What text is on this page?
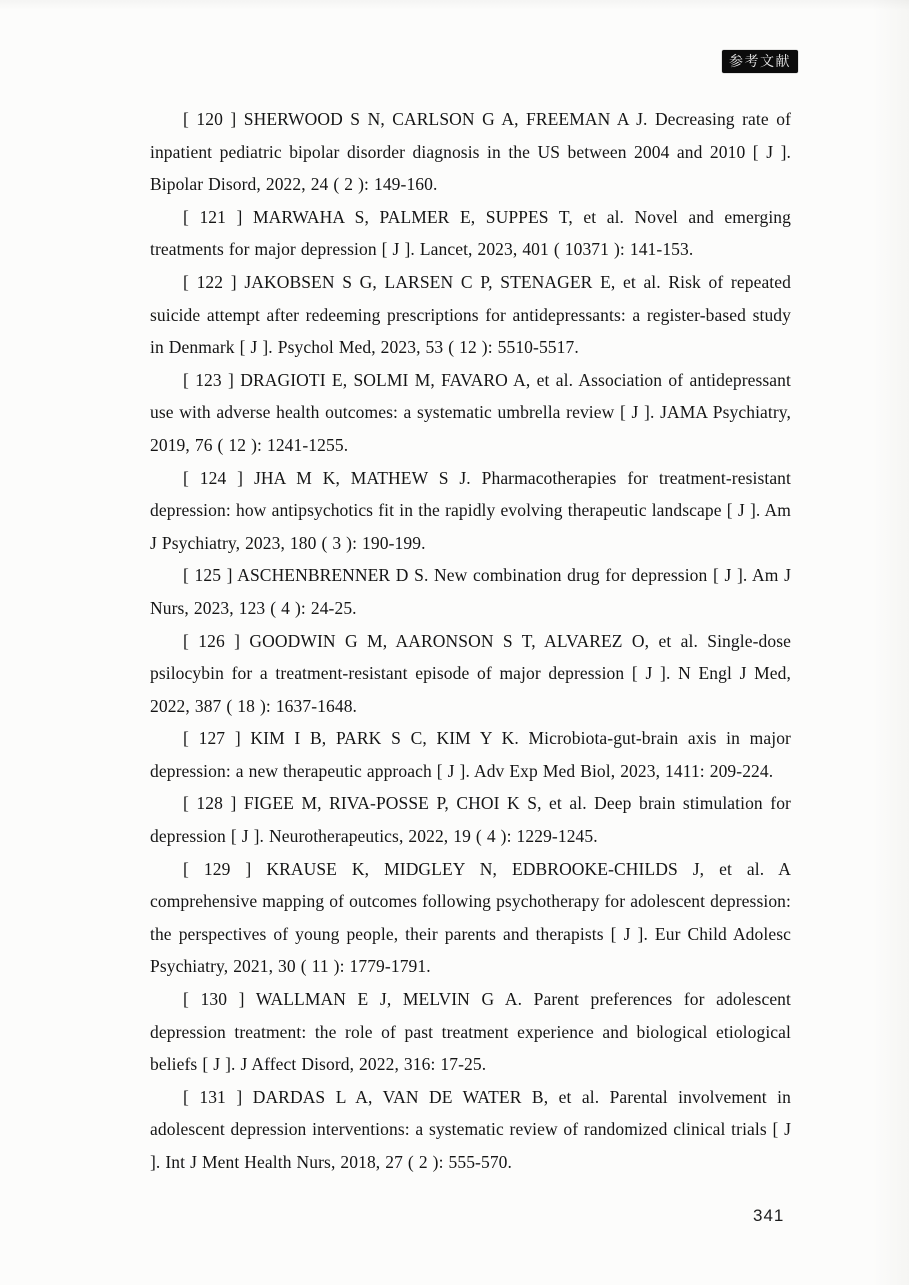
参考文献

[ 120 ] SHERWOOD S N, CARLSON G A, FREEMAN A J. Decreasing rate of inpatient pediatric bipolar disorder diagnosis in the US between 2004 and 2010 [ J ]. Bipolar Disord, 2022, 24 ( 2 ): 149-160.

[ 121 ] MARWAHA S, PALMER E, SUPPES T, et al. Novel and emerging treatments for major depression [ J ]. Lancet, 2023, 401 ( 10371 ): 141-153.

[ 122 ] JAKOBSEN S G, LARSEN C P, STENAGER E, et al. Risk of repeated suicide attempt after redeeming prescriptions for antidepressants: a register-based study in Denmark [ J ]. Psychol Med, 2023, 53 ( 12 ): 5510-5517.

[ 123 ] DRAGIOTI E, SOLMI M, FAVARO A, et al. Association of antidepressant use with adverse health outcomes: a systematic umbrella review [ J ]. JAMA Psychiatry, 2019, 76 ( 12 ): 1241-1255.

[ 124 ] JHA M K, MATHEW S J. Pharmacotherapies for treatment-resistant depression: how antipsychotics fit in the rapidly evolving therapeutic landscape [ J ]. Am J Psychiatry, 2023, 180 ( 3 ): 190-199.

[ 125 ] ASCHENBRENNER D S. New combination drug for depression [ J ]. Am J Nurs, 2023, 123 ( 4 ): 24-25.

[ 126 ] GOODWIN G M, AARONSON S T, ALVAREZ O, et al. Single-dose psilocybin for a treatment-resistant episode of major depression [ J ]. N Engl J Med, 2022, 387 ( 18 ): 1637-1648.

[ 127 ] KIM I B, PARK S C, KIM Y K. Microbiota-gut-brain axis in major depression: a new therapeutic approach [ J ]. Adv Exp Med Biol, 2023, 1411: 209-224.

[ 128 ] FIGEE M, RIVA-POSSE P, CHOI K S, et al. Deep brain stimulation for depression [ J ]. Neurotherapeutics, 2022, 19 ( 4 ): 1229-1245.

[ 129 ] KRAUSE K, MIDGLEY N, EDBROOKE-CHILDS J, et al. A comprehensive mapping of outcomes following psychotherapy for adolescent depression: the perspectives of young people, their parents and therapists [ J ]. Eur Child Adolesc Psychiatry, 2021, 30 ( 11 ): 1779-1791.

[ 130 ] WALLMAN E J, MELVIN G A. Parent preferences for adolescent depression treatment: the role of past treatment experience and biological etiological beliefs [ J ]. J Affect Disord, 2022, 316: 17-25.

[ 131 ] DARDAS L A, VAN DE WATER B, et al. Parental involvement in adolescent depression interventions: a systematic review of randomized clinical trials [ J ]. Int J Ment Health Nurs, 2018, 27 ( 2 ): 555-570.

341
